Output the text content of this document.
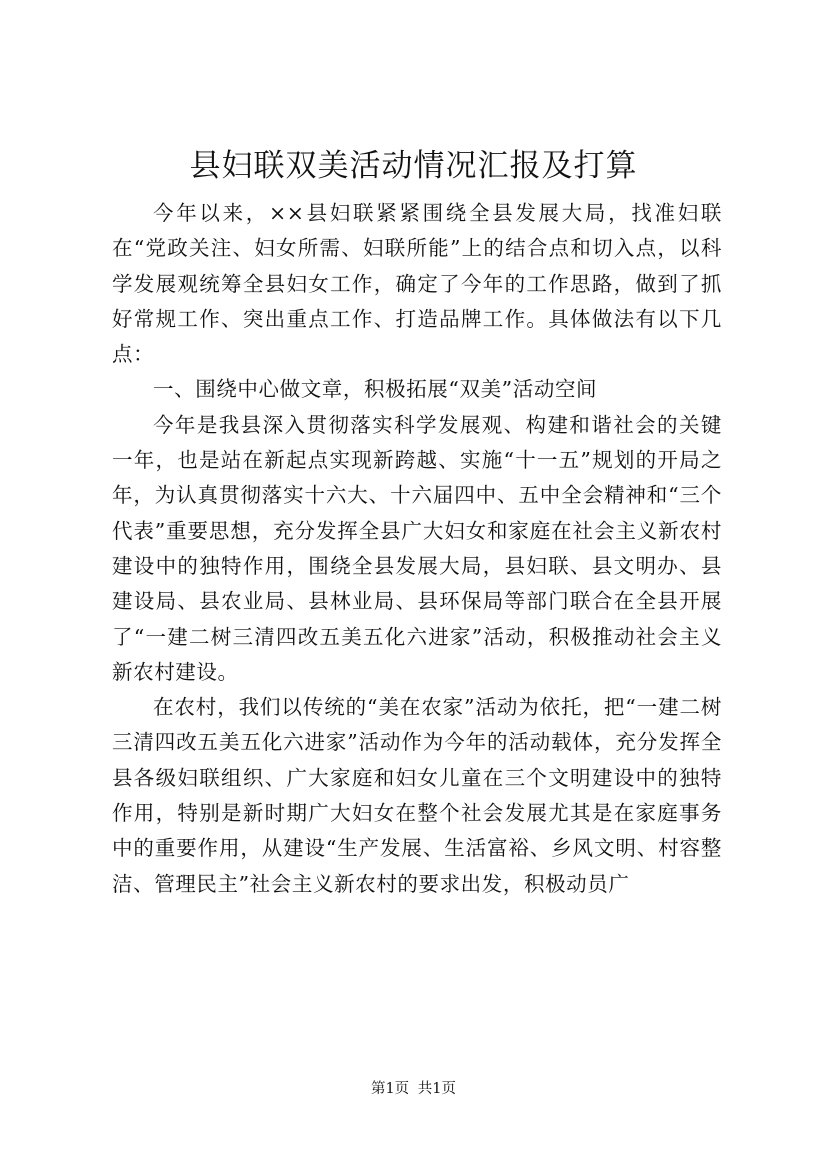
县妇联双美活动情况汇报及打算

今年以来，××县妇联紧紧围绕全县发展大局，找准妇联在“党政关注、妇女所需、妇联所能”上的结合点和切入点，以科学发展观统筹全县妇女工作，确定了今年的工作思路，做到了抓好常规工作、突出重点工作、打造品牌工作。具体做法有以下几点：

一、围绕中心做文章，积极拓展“双美”活动空间

今年是我县深入贯彻落实科学发展观、构建和谐社会的关键一年，也是站在新起点实现新跨越、实施“十一五”规划的开局之年，为认真贯彻落实十六大、十六届四中、五中全会精神和“三个代表”重要思想，充分发挥全县广大妇女和家庭在社会主义新农村建设中的独特作用，围绕全县发展大局，县妇联、县文明办、县建设局、县农业局、县林业局、县环保局等部门联合在全县开展了“一建二树三清四改五美五化六进家”活动，积极推动社会主义新农村建设。

在农村，我们以传统的“美在农家”活动为依托，把“一建二树三清四改五美五化六进家”活动作为今年的活动载体，充分发挥全县各级妇联组织、广大家庭和妇女儿童在三个文明建设中的独特作用，特别是新时期广大妇女在整个社会发展尤其是在家庭事务中的重要作用，从建设“生产发展、生活富裕、乡风文明、村容整洁、管理民主”社会主义新农村的要求出发，积极动员广

第1页 共1页
